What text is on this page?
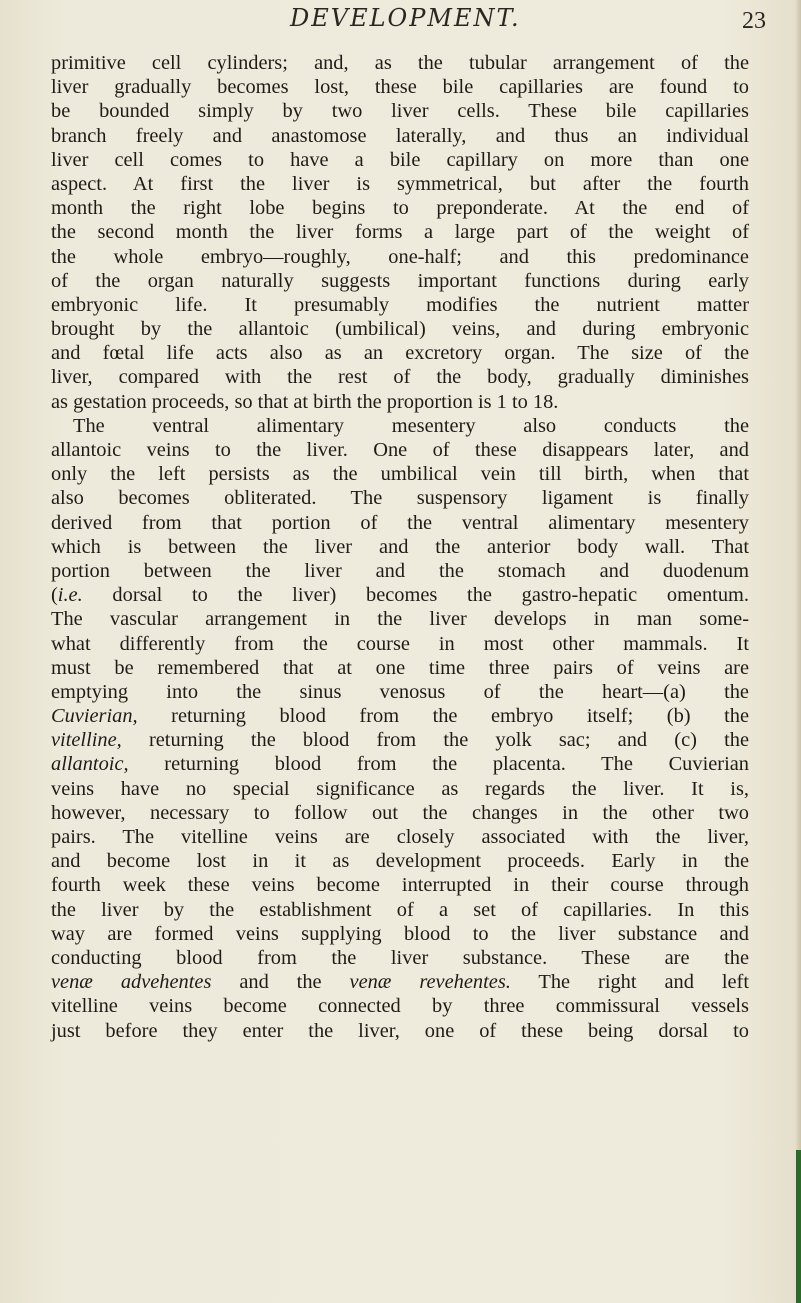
DEVELOPMENT.	23
primitive cell cylinders; and, as the tubular arrangement of the
liver gradually becomes lost, these bile capillaries are found to
be bounded simply by two liver cells. These bile capillaries
branch freely and anastomose laterally, and thus an individual
liver cell comes to have a bile capillary on more than one
aspect. At first the liver is symmetrical, but after the fourth
month the right lobe begins to preponderate. At the end of
the second month the liver forms a large part of the weight of
the whole embryo—roughly, one-half; and this predominance
of the organ naturally suggests important functions during early
embryonic life. It presumably modifies the nutrient matter
brought by the allantoic (umbilical) veins, and during embryonic
and fœtal life acts also as an excretory organ. The size of the
liver, compared with the rest of the body, gradually diminishes
as gestation proceeds, so that at birth the proportion is 1 to 18.
The ventral alimentary mesentery also conducts the
allantoic veins to the liver. One of these disappears later, and
only the left persists as the umbilical vein till birth, when that
also becomes obliterated. The suspensory ligament is finally
derived from that portion of the ventral alimentary mesentery
which is between the liver and the anterior body wall. That
portion between the liver and the stomach and duodenum
(i.e. dorsal to the liver) becomes the gastro-hepatic omentum.
The vascular arrangement in the liver develops in man some-
what differently from the course in most other mammals. It
must be remembered that at one time three pairs of veins are
emptying into the sinus venosus of the heart—(a) the
Cuvierian, returning blood from the embryo itself; (b) the
vitelline, returning the blood from the yolk sac; and (c) the
allantoic, returning blood from the placenta. The Cuvierian
veins have no special significance as regards the liver. It is,
however, necessary to follow out the changes in the other two
pairs. The vitelline veins are closely associated with the liver,
and become lost in it as development proceeds. Early in the
fourth week these veins become interrupted in their course through
the liver by the establishment of a set of capillaries. In this
way are formed veins supplying blood to the liver substance and
conducting blood from the liver substance. These are the
venæ advehentes and the venæ revehentes. The right and left
vitelline veins become connected by three commissural vessels
just before they enter the liver, one of these being dorsal to
